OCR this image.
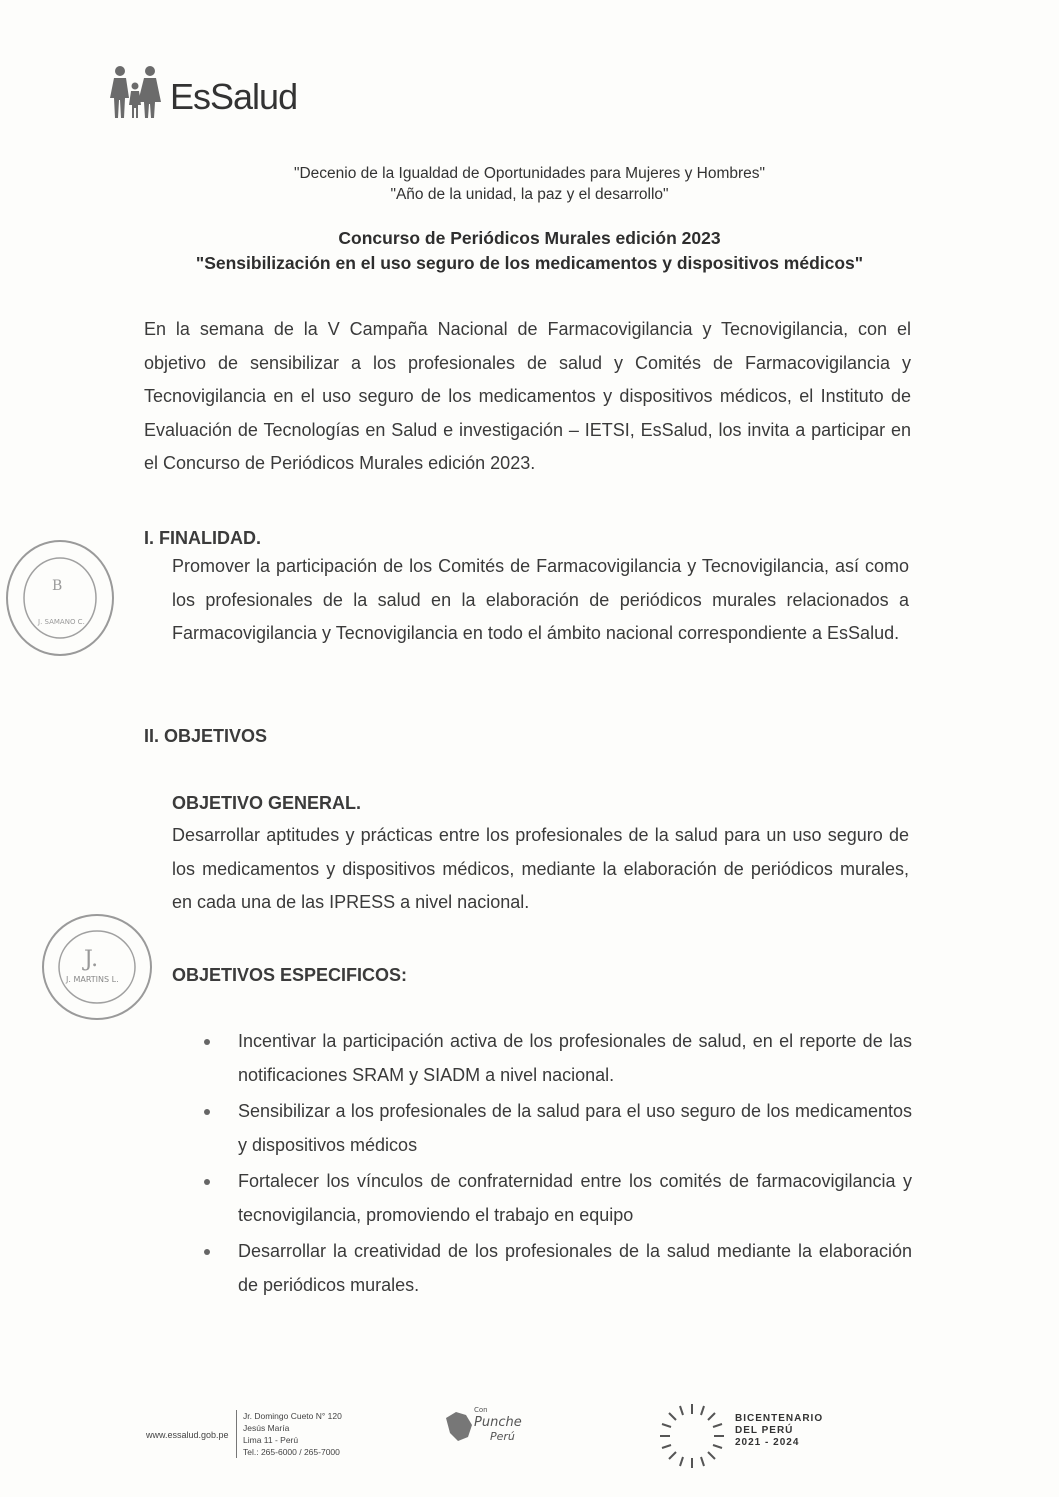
EsSalud
"Decenio de la Igualdad de Oportunidades para Mujeres y Hombres"
"Año de la unidad, la paz y el desarrollo"
Concurso de Periódicos Murales edición 2023
"Sensibilización en el uso seguro de los medicamentos y dispositivos médicos"
En la semana de la V Campaña Nacional de Farmacovigilancia y Tecnovigilancia, con el objetivo de sensibilizar a los profesionales de salud y Comités de Farmacovigilancia y Tecnovigilancia en el uso seguro de los medicamentos y dispositivos médicos, el Instituto de Evaluación de Tecnologías en Salud e investigación – IETSI, EsSalud, los invita a participar en el Concurso de Periódicos Murales edición 2023.
I. FINALIDAD.
Promover la participación de los Comités de Farmacovigilancia y Tecnovigilancia, así como los profesionales de la salud en la elaboración de periódicos murales relacionados a Farmacovigilancia y Tecnovigilancia en todo el ámbito nacional correspondiente a EsSalud.
B
J. SAMANO C.
II. OBJETIVOS
OBJETIVO GENERAL.
Desarrollar aptitudes y prácticas entre los profesionales de la salud para un uso seguro de los medicamentos y dispositivos médicos, mediante la elaboración de periódicos murales, en cada una de las IPRESS a nivel nacional.
J.
J. MARTINS L.	OBJETIVOS ESPECIFICOS:
Incentivar la participación activa de los profesionales de salud, en el reporte de las notificaciones SRAM y SIADM a nivel nacional.
Sensibilizar a los profesionales de la salud para el uso seguro de los medicamentos y dispositivos médicos
Fortalecer los vínculos de confraternidad entre los comités de farmacovigilancia y tecnovigilancia, promoviendo el trabajo en equipo
Desarrollar la creatividad de los profesionales de la salud mediante la elaboración de periódicos murales.
www.essalud.gob.pe
Jr. Domingo Cueto N° 120
Jesús María
Lima 11 - Perú
Tel.: 265-6000 / 265-7000
Con
Punche
Perú
BICENTENARIO
DEL PERÚ
2021 - 2024
